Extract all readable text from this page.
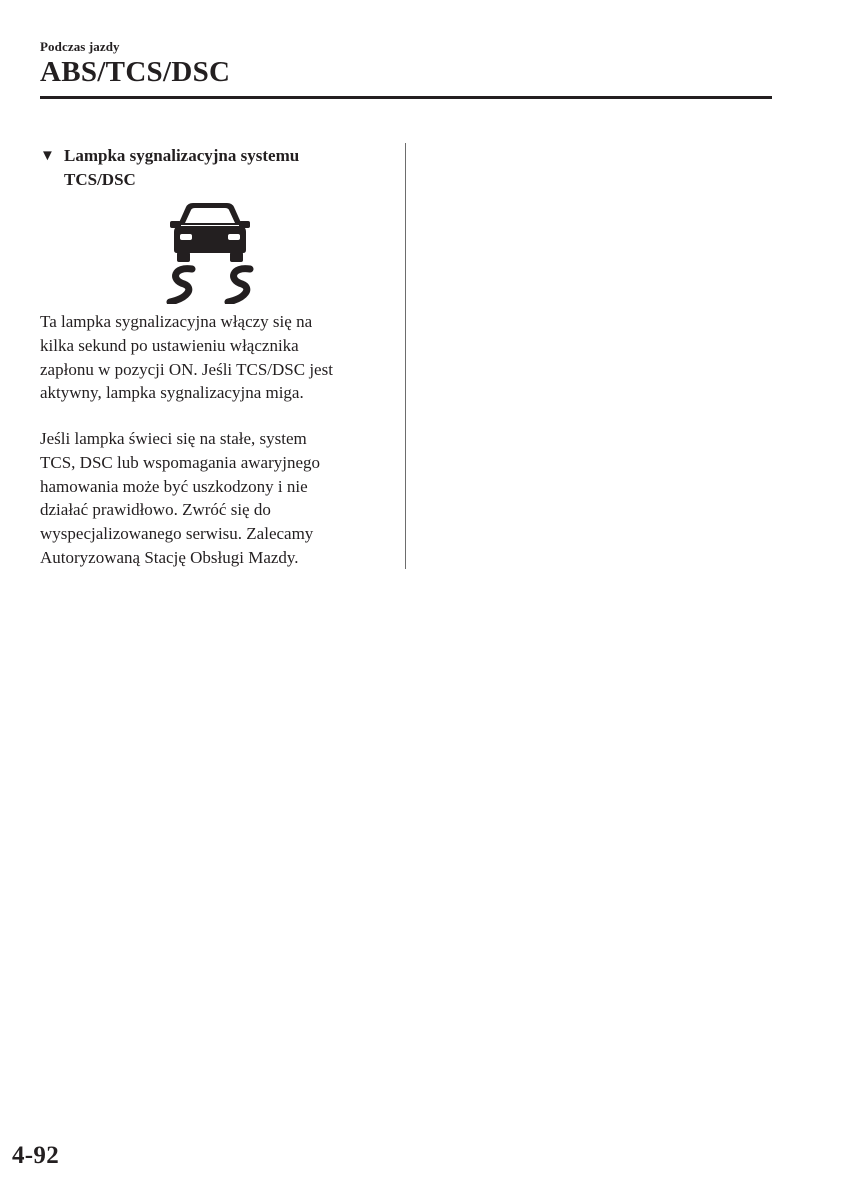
Podczas jazdy
ABS/TCS/DSC
▼ Lampka sygnalizacyjna systemu
TCS/DSC

Ta lampka sygnalizacyjna włączy się na
kilka sekund po ustawieniu włącznika
zapłonu w pozycji ON. Jeśli TCS/DSC jest
aktywny, lampka sygnalizacyjna miga.

Jeśli lampka świeci się na stałe, system
TCS, DSC lub wspomagania awaryjnego
hamowania może być uszkodzony i nie
działać prawidłowo. Zwróć się do
wyspecjalizowanego serwisu. Zalecamy
Autoryzowaną Stację Obsługi Mazdy.

4-92
